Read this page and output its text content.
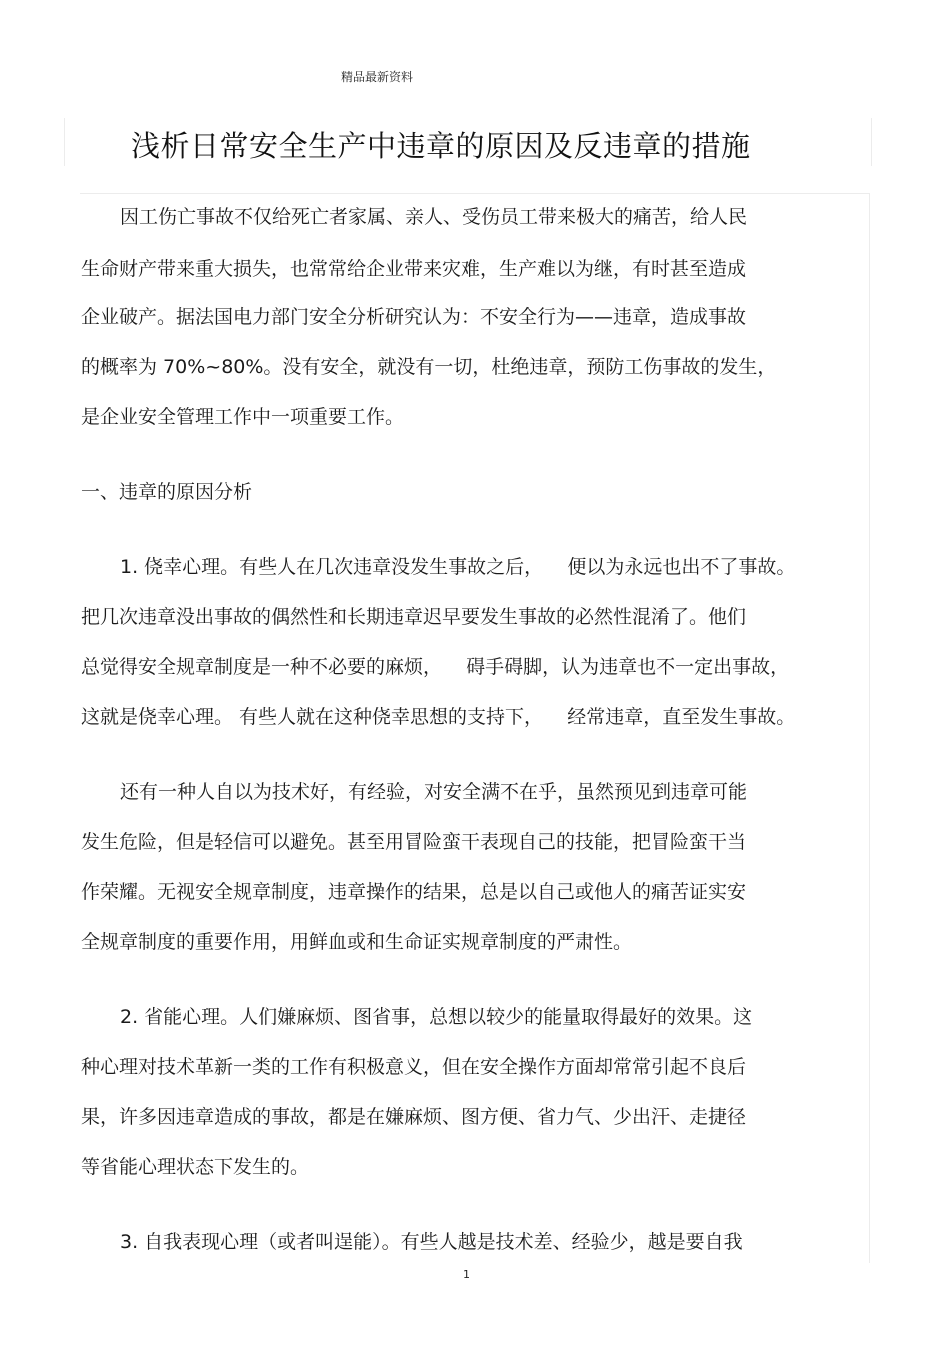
精品最新资料
浅析日常安全生产中违章的原因及反违章的措施
因工伤亡事故不仅给死亡者家属、亲人、受伤员工带来极大的痛苦，给人民
生命财产带来重大损失，也常常给企业带来灾难，生产难以为继，有时甚至造成
企业破产。据法国电力部门安全分析研究认为：不安全行为——违章，造成事故
的概率为 70%~80%。没有安全，就没有一切，杜绝违章，预防工伤事故的发生，
是企业安全管理工作中一项重要工作。
一、违章的原因分析
1. 侥幸心理。有些人在几次违章没发生事故之后，    便以为永远也出不了事故。
把几次违章没出事故的偶然性和长期违章迟早要发生事故的必然性混淆了。他们
总觉得安全规章制度是一种不必要的麻烦，    碍手碍脚，认为违章也不一定出事故，
这就是侥幸心理。 有些人就在这种侥幸思想的支持下，    经常违章，直至发生事故。
还有一种人自以为技术好，有经验，对安全满不在乎，虽然预见到违章可能
发生危险，但是轻信可以避免。甚至用冒险蛮干表现自己的技能，把冒险蛮干当
作荣耀。无视安全规章制度，违章操作的结果，总是以自己或他人的痛苦证实安
全规章制度的重要作用，用鲜血或和生命证实规章制度的严肃性。
2. 省能心理。人们嫌麻烦、图省事，总想以较少的能量取得最好的效果。这
种心理对技术革新一类的工作有积极意义，但在安全操作方面却常常引起不良后
果，许多因违章造成的事故，都是在嫌麻烦、图方便、省力气、少出汗、走捷径
等省能心理状态下发生的。
3. 自我表现心理（或者叫逞能）。有些人越是技术差、经验少，越是要自我
1
